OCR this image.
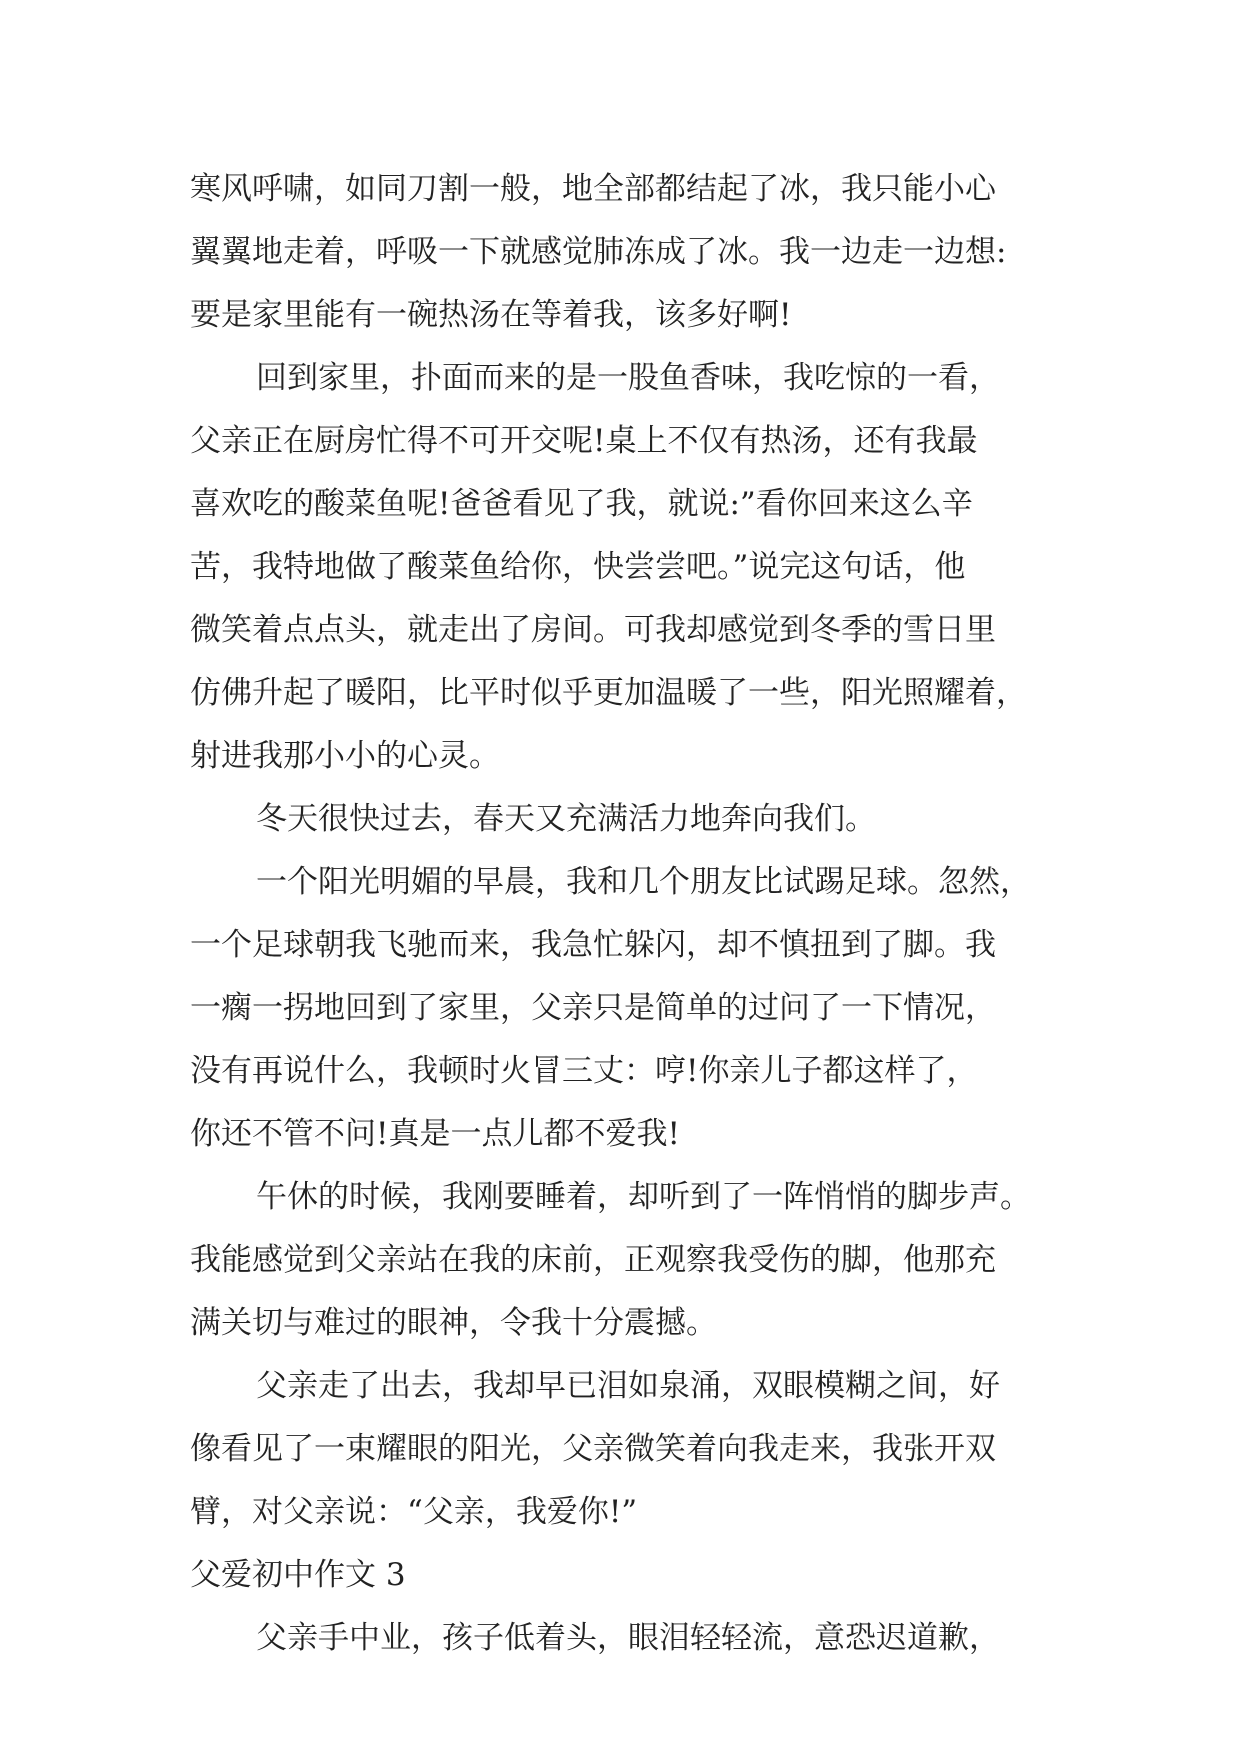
寒风呼啸，如同刀割一般，地全部都结起了冰，我只能小心
翼翼地走着，呼吸一下就感觉肺冻成了冰。我一边走一边想:
要是家里能有一碗热汤在等着我，该多好啊!
回到家里，扑面而来的是一股鱼香味，我吃惊的一看，
父亲正在厨房忙得不可开交呢!桌上不仅有热汤，还有我最
喜欢吃的酸菜鱼呢!爸爸看见了我，就说:”看你回来这么辛
苦，我特地做了酸菜鱼给你，快尝尝吧。”说完这句话，他
微笑着点点头，就走出了房间。可我却感觉到冬季的雪日里
仿佛升起了暖阳，比平时似乎更加温暖了一些，阳光照耀着，
射进我那小小的心灵。
冬天很快过去，春天又充满活力地奔向我们。
一个阳光明媚的早晨，我和几个朋友比试踢足球。忽然，
一个足球朝我飞驰而来，我急忙躲闪，却不慎扭到了脚。我
一瘸一拐地回到了家里，父亲只是简单的过问了一下情况，
没有再说什么，我顿时火冒三丈：哼!你亲儿子都这样了，
你还不管不问!真是一点儿都不爱我!
午休的时候，我刚要睡着，却听到了一阵悄悄的脚步声。
我能感觉到父亲站在我的床前，正观察我受伤的脚，他那充
满关切与难过的眼神，令我十分震撼。
父亲走了出去，我却早已泪如泉涌，双眼模糊之间，好
像看见了一束耀眼的阳光，父亲微笑着向我走来，我张开双
臂，对父亲说：“父亲，我爱你!”
父爱初中作文 3
父亲手中业，孩子低着头，眼泪轻轻流，意恐迟道歉，
